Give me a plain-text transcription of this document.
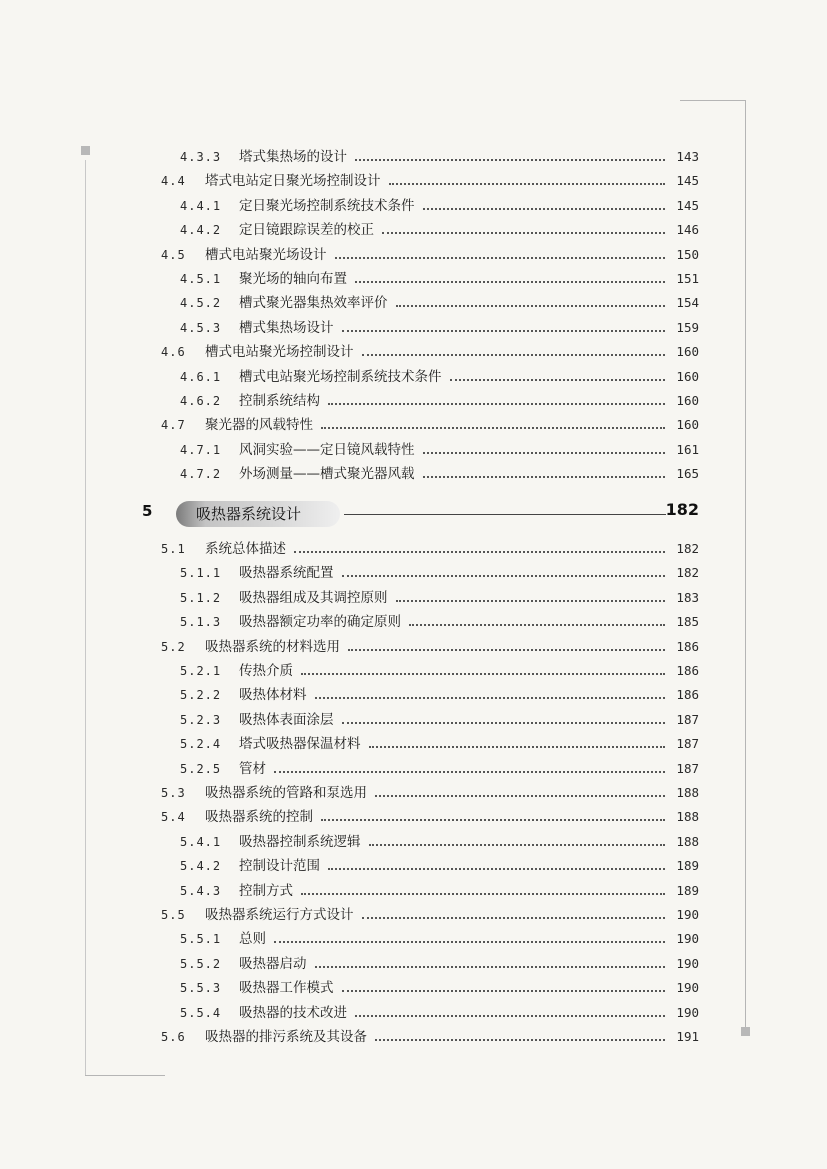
4.3.3 塔式集热场的设计	143
4.4 塔式电站定日聚光场控制设计	145
4.4.1 定日聚光场控制系统技术条件	145
4.4.2 定日镜跟踪误差的校正	146
4.5 槽式电站聚光场设计	150
4.5.1 聚光场的轴向布置	151
4.5.2 槽式聚光器集热效率评价	154
4.5.3 槽式集热场设计	159
4.6 槽式电站聚光场控制设计	160
4.6.1 槽式电站聚光场控制系统技术条件	160
4.6.2 控制系统结构	160
4.7 聚光器的风载特性	160
4.7.1 风洞实验——定日镜风载特性	161
4.7.2 外场测量——槽式聚光器风载	165
5	吸热器系统设计	182
5.1 系统总体描述	182
5.1.1 吸热器系统配置	182
5.1.2 吸热器组成及其调控原则	183
5.1.3 吸热器额定功率的确定原则	185
5.2 吸热器系统的材料选用	186
5.2.1 传热介质	186
5.2.2 吸热体材料	186
5.2.3 吸热体表面涂层	187
5.2.4 塔式吸热器保温材料	187
5.2.5 管材	187
5.3 吸热器系统的管路和泵选用	188
5.4 吸热器系统的控制	188
5.4.1 吸热器控制系统逻辑	188
5.4.2 控制设计范围	189
5.4.3 控制方式	189
5.5 吸热器系统运行方式设计	190
5.5.1 总则	190
5.5.2 吸热器启动	190
5.5.3 吸热器工作模式	190
5.5.4 吸热器的技术改进	190
5.6 吸热器的排污系统及其设备	191
